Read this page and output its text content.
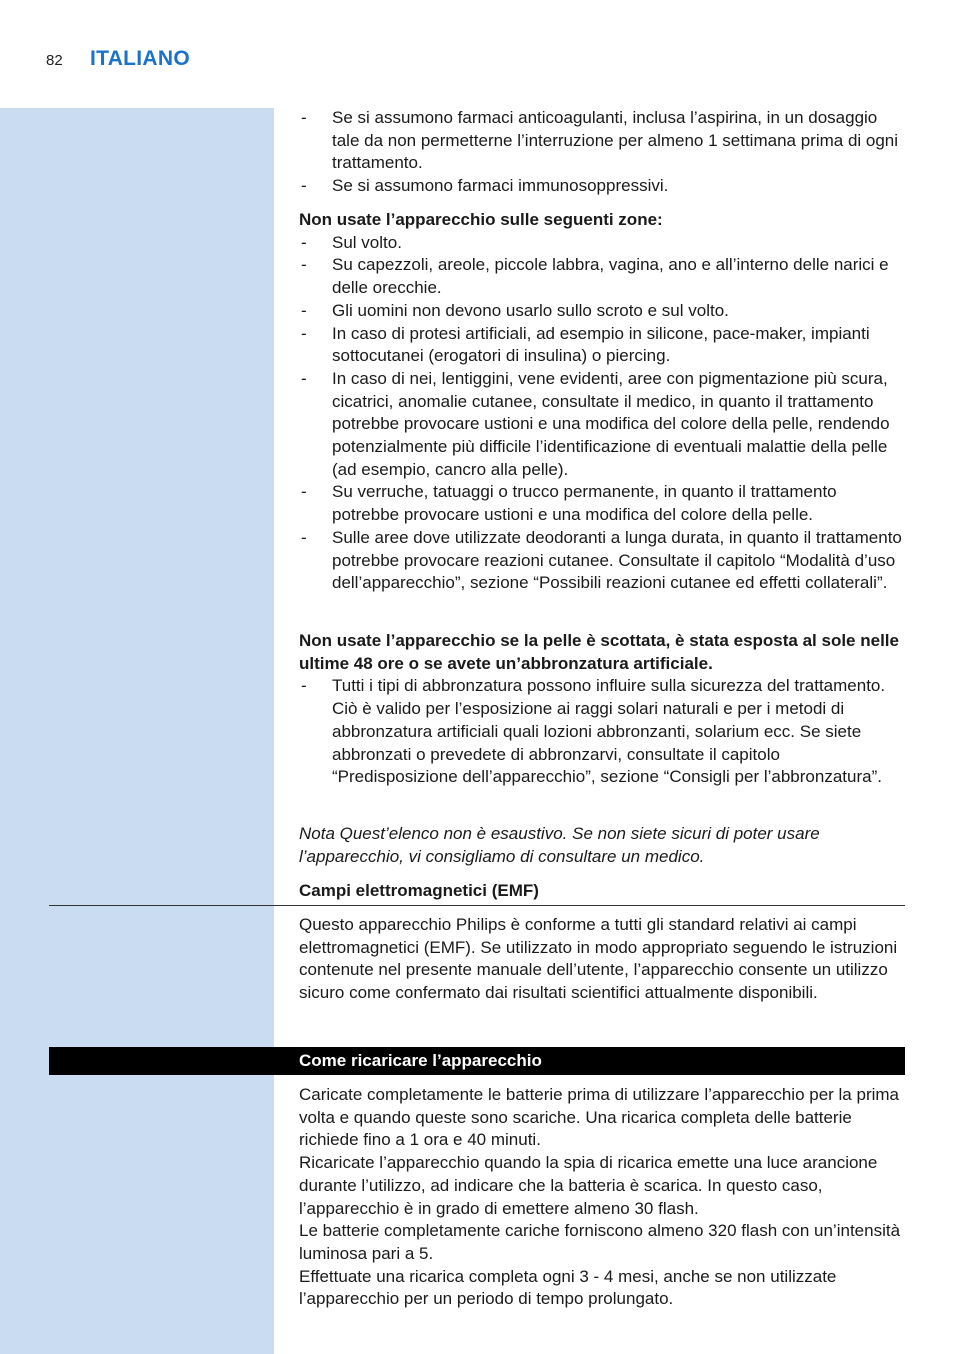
82 ITALIANO
- Se si assumono farmaci anticoagulanti, inclusa l’aspirina, in un dosaggio tale da non permetterne l’interruzione per almeno 1 settimana prima di ogni trattamento.
- Se si assumono farmaci immunosoppressivi.
Non usate l’apparecchio sulle seguenti zone:
- Sul volto.
- Su capezzoli, areole, piccole labbra, vagina, ano e all’interno delle narici e delle orecchie.
- Gli uomini non devono usarlo sullo scroto e sul volto.
- In caso di protesi artificiali, ad esempio in silicone, pace-maker, impianti sottocutanei (erogatori di insulina) o piercing.
- In caso di nei, lentiggini, vene evidenti, aree con pigmentazione più scura, cicatrici, anomalie cutanee, consultate il medico, in quanto il trattamento potrebbe provocare ustioni e una modifica del colore della pelle, rendendo potenzialmente più difficile l’identificazione di eventuali malattie della pelle (ad esempio, cancro alla pelle).
- Su verruche, tatuaggi o trucco permanente, in quanto il trattamento potrebbe provocare ustioni e una modifica del colore della pelle.
- Sulle aree dove utilizzate deodoranti a lunga durata, in quanto il trattamento potrebbe provocare reazioni cutanee. Consultate il capitolo “Modalità d’uso dell’apparecchio”, sezione “Possibili reazioni cutanee ed effetti collaterali”.
Non usate l’apparecchio se la pelle è scottata, è stata esposta al sole nelle ultime 48 ore o se avete un’abbronzatura artificiale.
- Tutti i tipi di abbronzatura possono influire sulla sicurezza del trattamento. Ciò è valido per l’esposizione ai raggi solari naturali e per i metodi di abbronzatura artificiali quali lozioni abbronzanti, solarium ecc. Se siete abbronzati o prevedete di abbronzarvi, consultate il capitolo “Predisposizione dell’apparecchio”, sezione “Consigli per l’abbronzatura”.
Nota Quest’elenco non è esaustivo. Se non siete sicuri di poter usare l’apparecchio, vi consigliamo di consultare un medico.
Campi elettromagnetici (EMF)
Questo apparecchio Philips è conforme a tutti gli standard relativi ai campi elettromagnetici (EMF). Se utilizzato in modo appropriato seguendo le istruzioni contenute nel presente manuale dell’utente, l’apparecchio consente un utilizzo sicuro come confermato dai risultati scientifici attualmente disponibili.
Come ricaricare l’apparecchio

Caricate completamente le batterie prima di utilizzare l’apparecchio per la prima volta e quando queste sono scariche. Una ricarica completa delle batterie richiede fino a 1 ora e 40 minuti.

Ricaricate l’apparecchio quando la spia di ricarica emette una luce arancione durante l’utilizzo, ad indicare che la batteria è scarica. In questo caso, l’apparecchio è in grado di emettere almeno 30 flash.

Le batterie completamente cariche forniscono almeno 320 flash con un’intensità luminosa pari a 5.

Effettuate una ricarica completa ogni 3 - 4 mesi, anche se non utilizzate l’apparecchio per un periodo di tempo prolungato.
